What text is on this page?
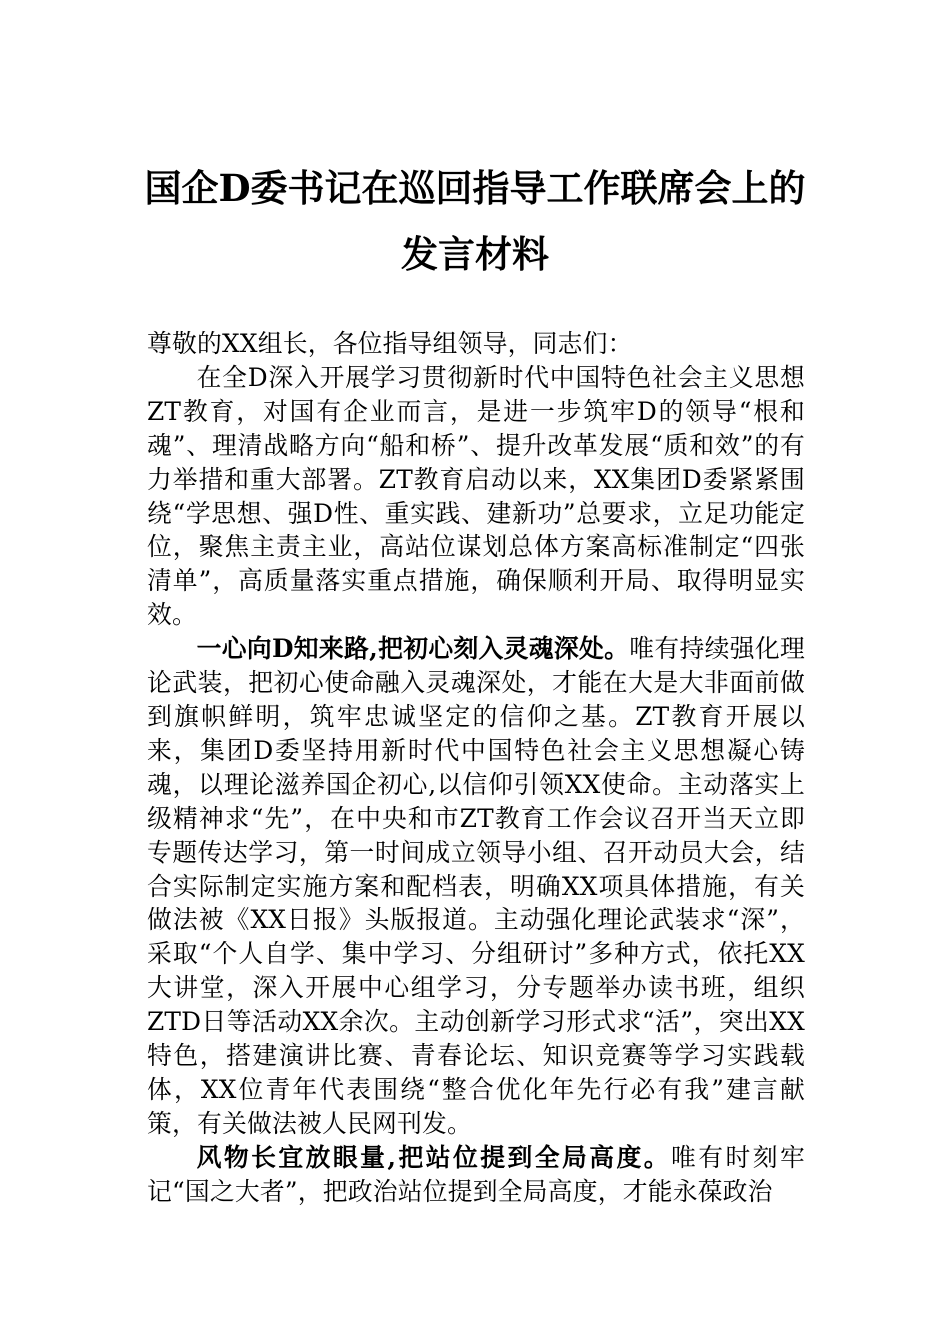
国企D委书记在巡回指导工作联席会上的
发言材料

尊敬的XX组长，各位指导组领导，同志们：

在全D深入开展学习贯彻新时代中国特色社会主义思想ZT教育，对国有企业而言，是进一步筑牢D的领导“根和魂”、理清战略方向“船和桥”、提升改革发展“质和效”的有力举措和重大部署。ZT教育启动以来，XX集团D委紧紧围绕“学思想、强D性、重实践、建新功”总要求，立足功能定位，聚焦主责主业，高站位谋划总体方案高标准制定“四张清单”，高质量落实重点措施，确保顺利开局、取得明显实效。

一心向D知来路,把初心刻入灵魂深处。唯有持续强化理论武装，把初心使命融入灵魂深处，才能在大是大非面前做到旗帜鲜明，筑牢忠诚坚定的信仰之基。ZT教育开展以来，集团D委坚持用新时代中国特色社会主义思想凝心铸魂，以理论滋养国企初心,以信仰引领XX使命。主动落实上级精神求“先”，在中央和市ZT教育工作会议召开当天立即专题传达学习，第一时间成立领导小组、召开动员大会，结合实际制定实施方案和配档表，明确XX项具体措施，有关做法被《XX日报》头版报道。主动强化理论武装求“深”，采取“个人自学、集中学习、分组研讨”多种方式，依托XX大讲堂，深入开展中心组学习，分专题举办读书班，组织ZTD日等活动XX余次。主动创新学习形式求“活”，突出XX特色，搭建演讲比赛、青春论坛、知识竞赛等学习实践载体，XX位青年代表围绕“整合优化年先行必有我”建言献策，有关做法被人民网刊发。

风物长宜放眼量,把站位提到全局高度。唯有时刻牢记“国之大者”，把政治站位提到全局高度，才能永葆政治
